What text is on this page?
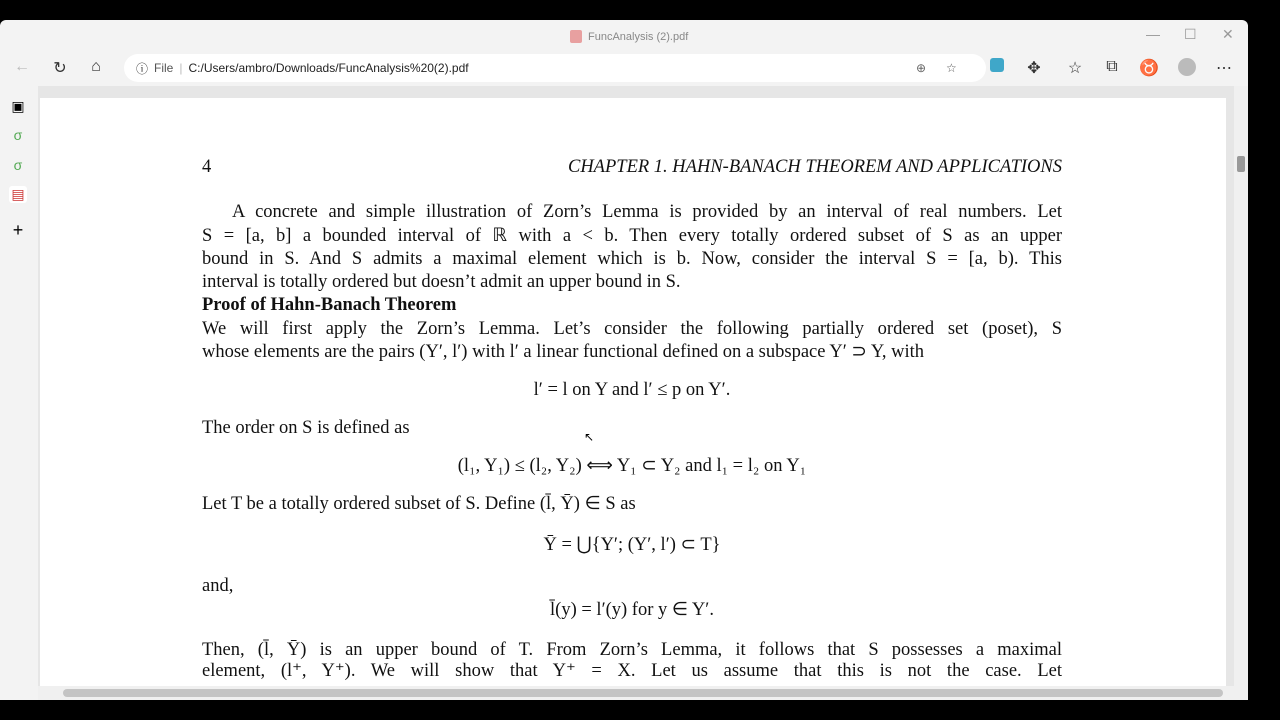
FuncAnalysis (2).pdf	— ☐ ✕
←	↻	⌂	ⓘ File | C:/Users/ambro/Downloads/FuncAnalysis%20(2).pdf	⊕ ☆	✥	☆	⧉	♉	⋯
▣
σ
σ
▤
+
4	CHAPTER 1. HAHN-BANACH THEOREM AND APPLICATIONS
A concrete and simple illustration of Zorn’s Lemma is provided by an interval of real numbers. Let
S = [a, b] a bounded interval of ℝ with a < b. Then every totally ordered subset of S as an upper
bound in S. And S admits a maximal element which is b. Now, consider the interval S = [a, b). This
interval is totally ordered but doesn’t admit an upper bound in S.
Proof of Hahn-Banach Theorem
We will first apply the Zorn’s Lemma. Let’s consider the following partially ordered set (poset), S
whose elements are the pairs (Y′, l′) with l′ a linear functional defined on a subspace Y′ ⊃ Y, with
l′ = l on Y and l′ ≤ p on Y′.
The order on S is defined as
(l₁, Y₁) ≤ (l₂, Y₂) ⟺ Y₁ ⊂ Y₂ and l₁ = l₂ on Y₁
Let T be a totally ordered subset of S. Define (l̄, Ȳ) ∈ S as
Ȳ = ⋃{Y′; (Y′, l′) ⊂ T}
and,
l̄(y) = l′(y) for y ∈ Y′.
Then, (l̄, Ȳ) is an upper bound of T. From Zorn’s Lemma, it follows that S possesses a maximal
element, (l⁺, Y⁺). We will show that Y⁺ = X. Let us assume that this is not the case. Let
↖
